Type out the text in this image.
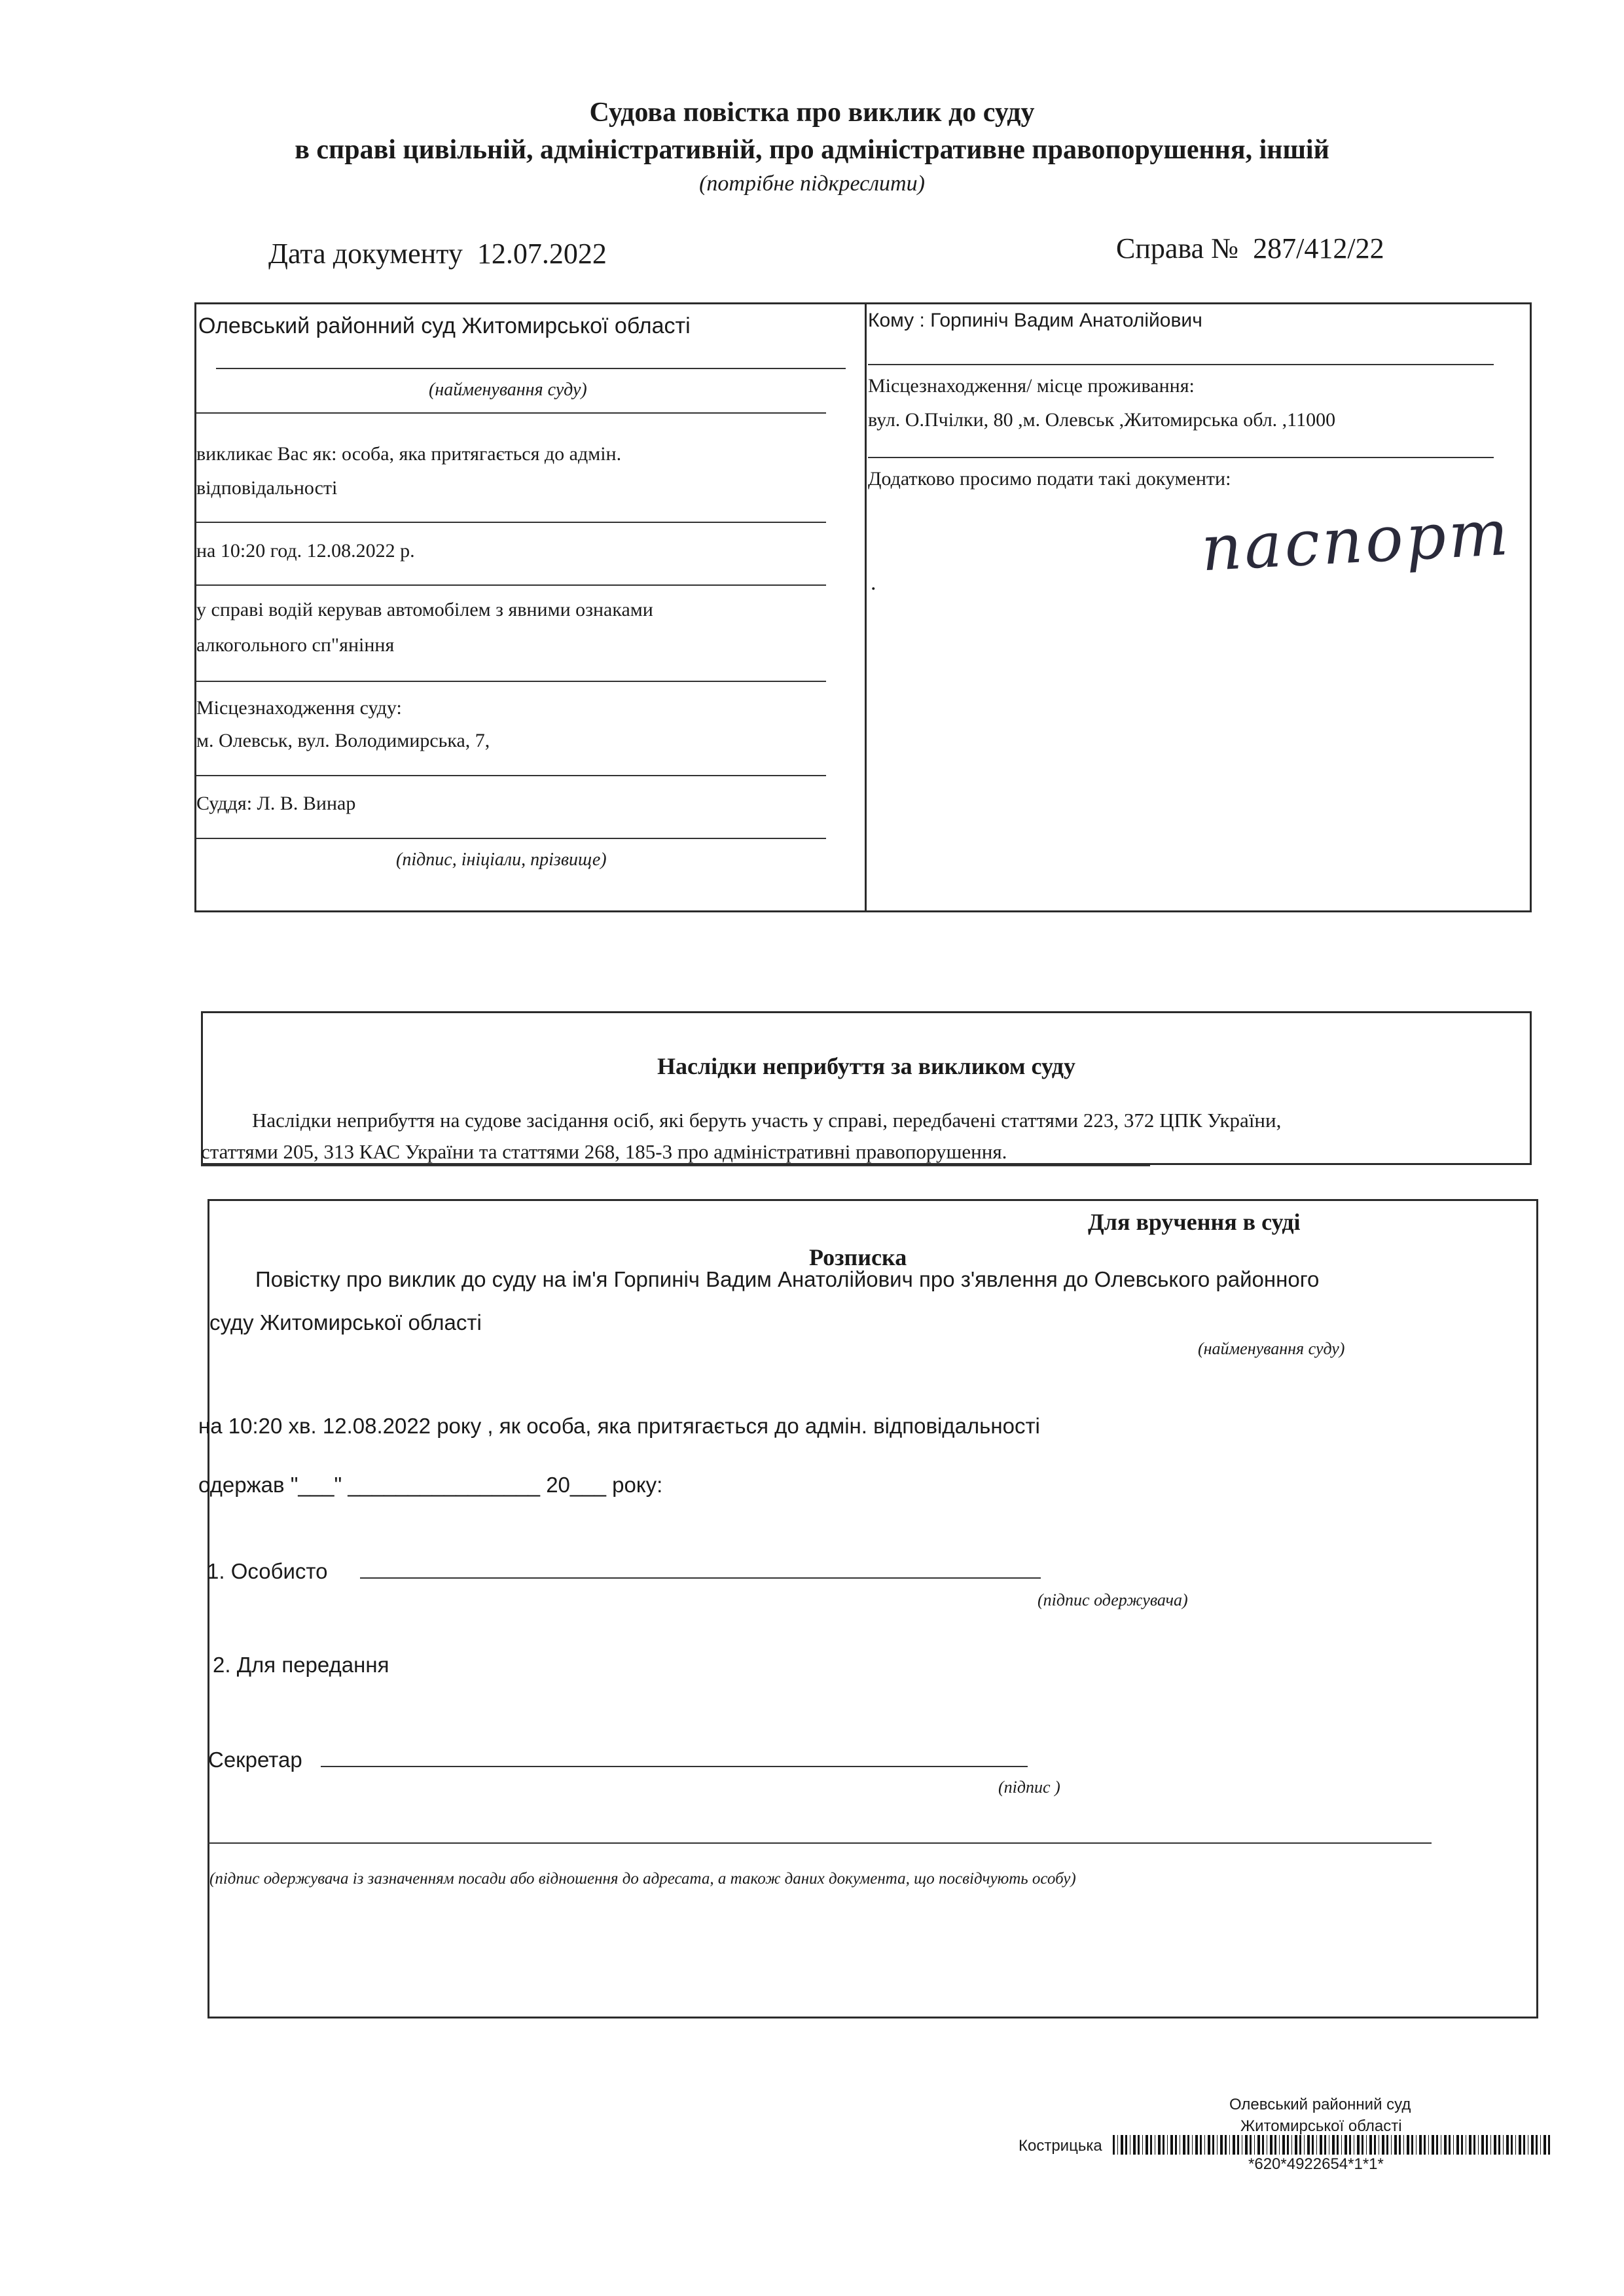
Судова повістка про виклик до суду
в справі цивільній, адміністративній, про адміністративне правопорушення, іншій
(потрібне підкреслити)
Дата документу 12.07.2022	Справа № 287/412/22
Олевський районний суд Житомирської області
(найменування суду)
викликає Вас як: особа, яка притягається до адмін.
відповідальності
на 10:20 год. 12.08.2022 р.
у справі водій керував автомобілем з явними ознаками
алкогольного сп"яніння
Місцезнаходження суду:
м. Олевськ, вул. Володимирська, 7,
Суддя: Л. В. Винар
(підпис, ініціали, прізвище)
Кому : Горпиніч Вадим Анатолійович
Місцезнаходження/ місце проживання:
вул. О.Пчілки, 80 ,м. Олевськ ,Житомирська обл. ,11000
Додатково просимо подати такі документи:
паспорт
.
Наслідки неприбуття за викликом суду
Наслідки неприбуття на судове засідання осіб, які беруть участь у справі, передбачені статтями 223, 372 ЦПК України,
статтями 205, 313 КАС України та статтями 268, 185-3 про адміністративні правопорушення.
Для вручення в суді
Розписка
Повістку про виклик до суду на ім'я Горпиніч Вадим Анатолійович про з'явлення до Олевського районного
суду Житомирської області
(найменування суду)
на 10:20 хв. 12.08.2022 року , як особа, яка притягається до адмін. відповідальності
одержав "___" ________________ 20___ року:
1. Особисто
(підпис одержувача)
2. Для передання
Секретар
(підпис )
(підпис одержувача із зазначенням посади або відношення до адресата, а також даних документа, що посвідчують особу)
Олевський районний суд
Житомирської області
Кострицька
*620*4922654*1*1*
